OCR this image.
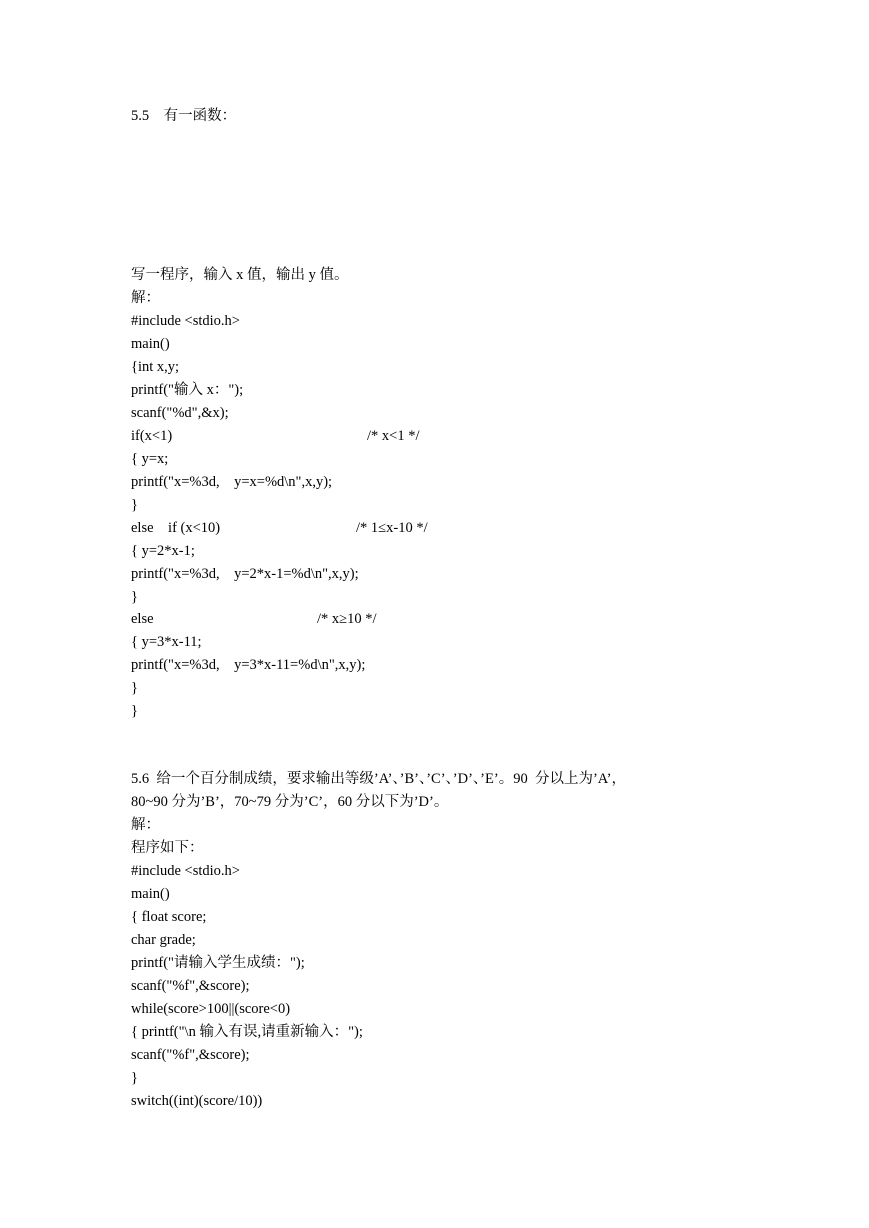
5.5    有一函数：
写一程序，输入 x 值，输出 y 值。
解：
#include <stdio.h>
main()
{int x,y;
printf("输入 x：");
scanf("%d",&x);
if(x<1)	/* x<1 */
{ y=x;
printf("x=%3d,    y=x=%d\n",x,y);
}
else    if (x<10)	/* 1≤x-10 */
{ y=2*x-1;
printf("x=%3d,    y=2*x-1=%d\n",x,y);
}
else	/* x≥10 */
{ y=3*x-11;
printf("x=%3d,    y=3*x-11=%d\n",x,y);
}
}
5.6  给一个百分制成绩，要求输出等级’A’、’B’、’C’、’D’、’E’。90  分以上为’A’，
80~90 分为’B’，70~79 分为’C’，60 分以下为’D’。
解：
程序如下：
#include <stdio.h>
main()
{ float score;
char grade;
printf("请输入学生成绩：");
scanf("%f",&score);
while(score>100||(score<0)
{ printf("\n 输入有误,请重新输入：");
scanf("%f",&score);
}
switch((int)(score/10))
